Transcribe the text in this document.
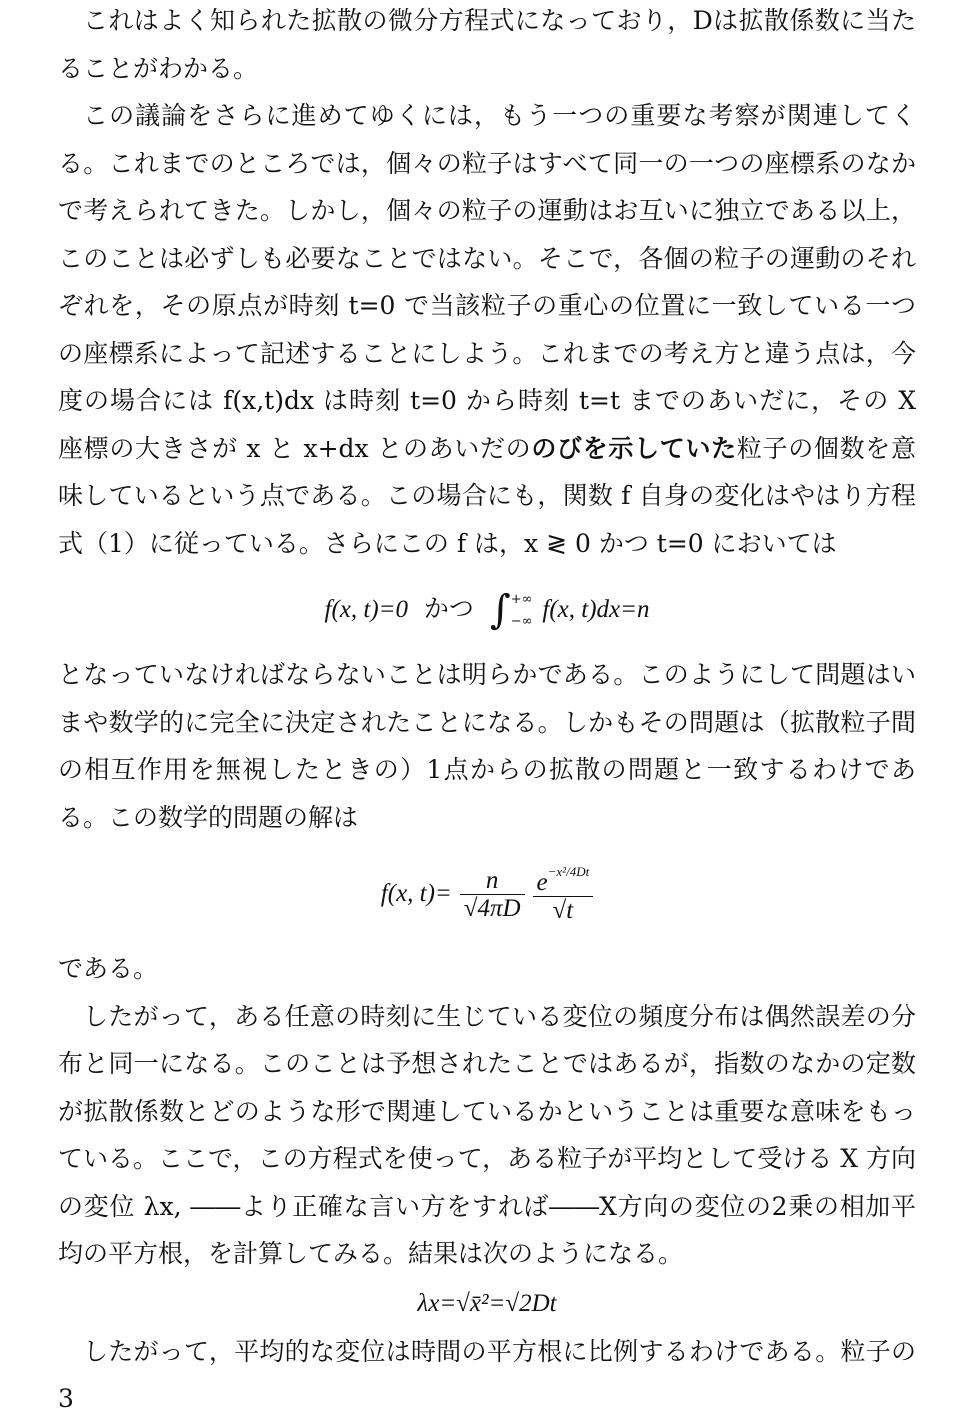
これはよく知られた拡散の微分方程式になっており，Dは拡散係数に当たることがわかる。

この議論をさらに進めてゆくには，もう一つの重要な考察が関連してくる。これまでのところでは，個々の粒子はすべて同一の一つの座標系のなかで考えられてきた。しかし，個々の粒子の運動はお互いに独立である以上，このことは必ずしも必要なことではない。そこで，各個の粒子の運動のそれぞれを，その原点が時刻 t=0 で当該粒子の重心の位置に一致している一つの座標系によって記述することにしよう。これまでの考え方と違う点は，今度の場合には f(x,t)dx は時刻 t=0 から時刻 t=t までのあいだに，その X 座標の大きさが x と x+dx とのあいだののびを示していた粒子の個数を意味しているという点である。この場合にも，関数 f 自身の変化はやはり方程式（1）に従っている。さらにこの f は，x ≷ 0 かつ t=0 においては

f(x, t)=0 かつ ∫ +∞
−∞ f(x, t)dx=n

となっていなければならないことは明らかである。このようにして問題はいまや数学的に完全に決定されたことになる。しかもその問題は（拡散粒子間の相互作用を無視したときの）1点からの拡散の問題と一致するわけである。この数学的問題の解は

f(x, $t)= \frac{n}{√4\pi D}$
$\frac{e^{-x^2/4Dt}}{√t}$

である。

したがって，ある任意の時刻に生じている変位の頻度分布は偶然誤差の分布と同一になる。このことは予想されたことではあるが，指数のなかの定数が拡散係数とどのような形で関連しているかということは重要な意味をもっている。ここで，この方程式を使って，ある粒子が平均として受ける X 方向の変位 λx, ――より正確な言い方をすれば――X方向の変位の2乗の相加平均の平方根，を計算してみる。結果は次のようになる。

λx=√x̄²=√2Dt

したがって，平均的な変位は時間の平方根に比例するわけである。粒子の3
